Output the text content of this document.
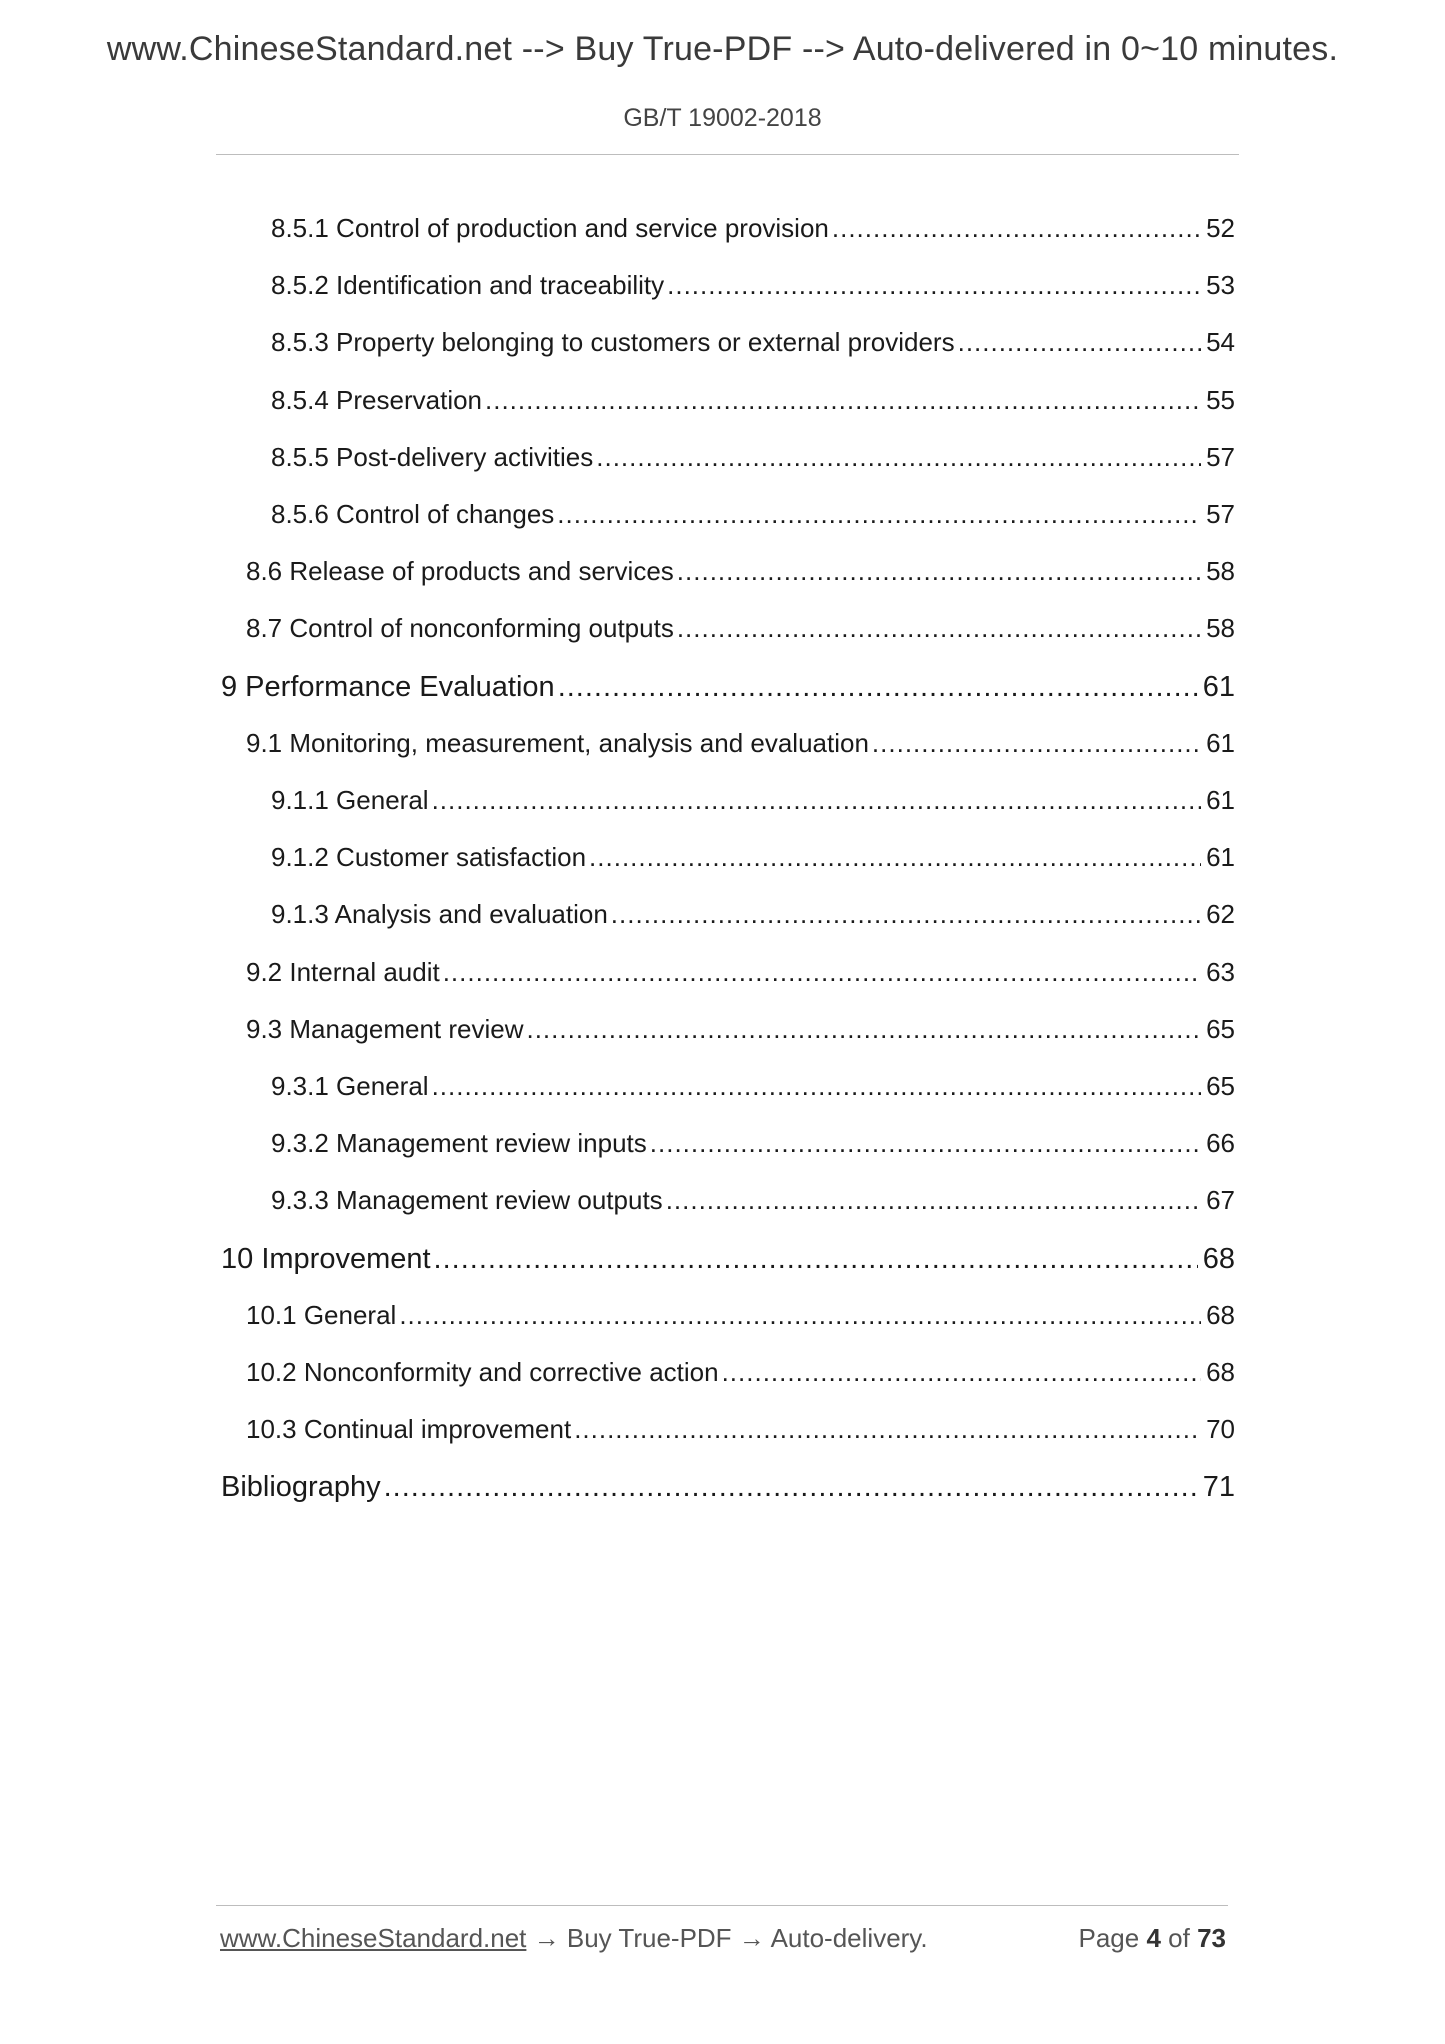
www.ChineseStandard.net --> Buy True-PDF --> Auto-delivered in 0~10 minutes.
GB/T 19002-2018
8.5.1 Control of production and service provision .....	52
8.5.2 Identification and traceability .....	53
8.5.3 Property belonging to customers or external providers .....	54
8.5.4 Preservation .....	55
8.5.5 Post-delivery activities .....	57
8.5.6 Control of changes .....	57
8.6 Release of products and services .....	58
8.7 Control of nonconforming outputs .....	58
9 Performance Evaluation .....	61
9.1 Monitoring, measurement, analysis and evaluation .....	61
9.1.1 General .....	61
9.1.2 Customer satisfaction .....	61
9.1.3 Analysis and evaluation .....	62
9.2 Internal audit .....	63
9.3 Management review .....	65
9.3.1 General .....	65
9.3.2 Management review inputs .....	66
9.3.3 Management review outputs .....	67
10 Improvement .....	68
10.1 General .....	68
10.2 Nonconformity and corrective action .....	68
10.3 Continual improvement .....	70
Bibliography .....	71
www.ChineseStandard.net → Buy True-PDF → Auto-delivery.	Page 4 of 73
